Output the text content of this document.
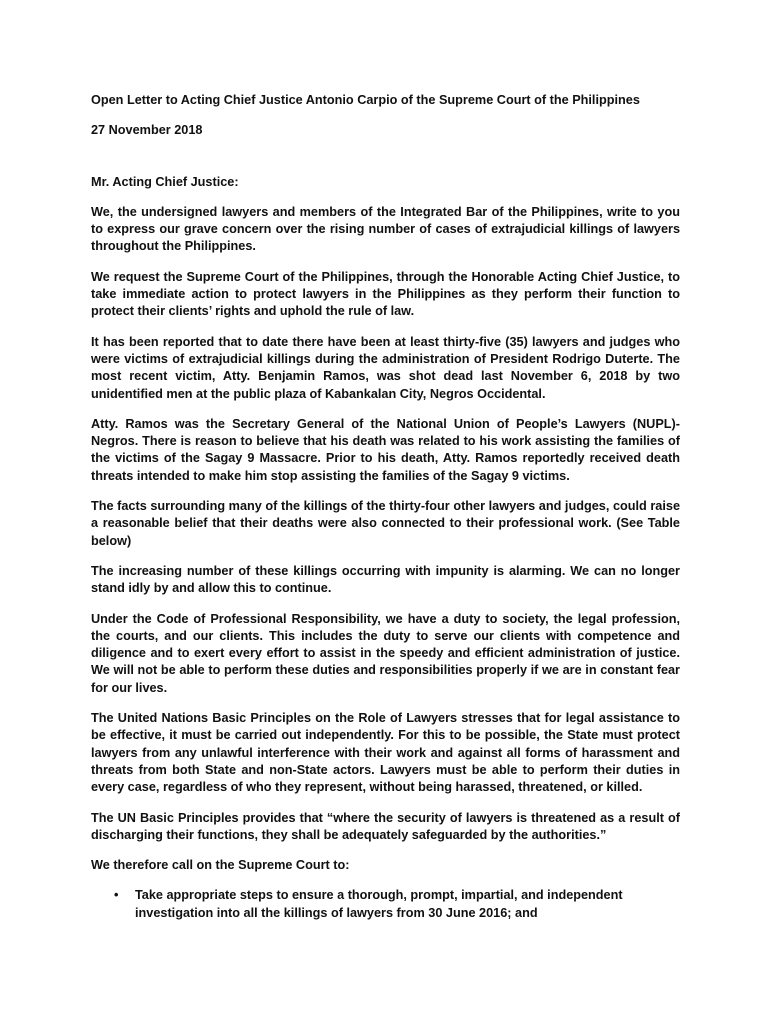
Open Letter to Acting Chief Justice Antonio Carpio of the Supreme Court of the Philippines
27 November 2018
Mr. Acting Chief Justice:
We, the undersigned lawyers and members of the Integrated Bar of the Philippines, write to you to express our grave concern over the rising number of cases of extrajudicial killings of lawyers throughout the Philippines.
We request the Supreme Court of the Philippines, through the Honorable Acting Chief Justice, to take immediate action to protect lawyers in the Philippines as they perform their function to protect their clients’ rights and uphold the rule of law.
It has been reported that to date there have been at least thirty-five (35) lawyers and judges who were victims of extrajudicial killings during the administration of President Rodrigo Duterte. The most recent victim, Atty. Benjamin Ramos, was shot dead last November 6, 2018 by two unidentified men at the public plaza of Kabankalan City, Negros Occidental.
Atty. Ramos was the Secretary General of the National Union of People’s Lawyers (NUPL)-Negros. There is reason to believe that his death was related to his work assisting the families of the victims of the Sagay 9 Massacre. Prior to his death, Atty. Ramos reportedly received death threats intended to make him stop assisting the families of the Sagay 9 victims.
The facts surrounding many of the killings of the thirty-four other lawyers and judges, could raise a reasonable belief that their deaths were also connected to their professional work. (See Table below)
The increasing number of these killings occurring with impunity is alarming. We can no longer stand idly by and allow this to continue.
Under the Code of Professional Responsibility, we have a duty to society, the legal profession, the courts, and our clients. This includes the duty to serve our clients with competence and diligence and to exert every effort to assist in the speedy and efficient administration of justice. We will not be able to perform these duties and responsibilities properly if we are in constant fear for our lives.
The United Nations Basic Principles on the Role of Lawyers stresses that for legal assistance to be effective, it must be carried out independently. For this to be possible, the State must protect lawyers from any unlawful interference with their work and against all forms of harassment and threats from both State and non-State actors. Lawyers must be able to perform their duties in every case, regardless of who they represent, without being harassed, threatened, or killed.
The UN Basic Principles provides that “where the security of lawyers is threatened as a result of discharging their functions, they shall be adequately safeguarded by the authorities.”
We therefore call on the Supreme Court to:
• Take appropriate steps to ensure a thorough, prompt, impartial, and independent investigation into all the killings of lawyers from 30 June 2016; and
